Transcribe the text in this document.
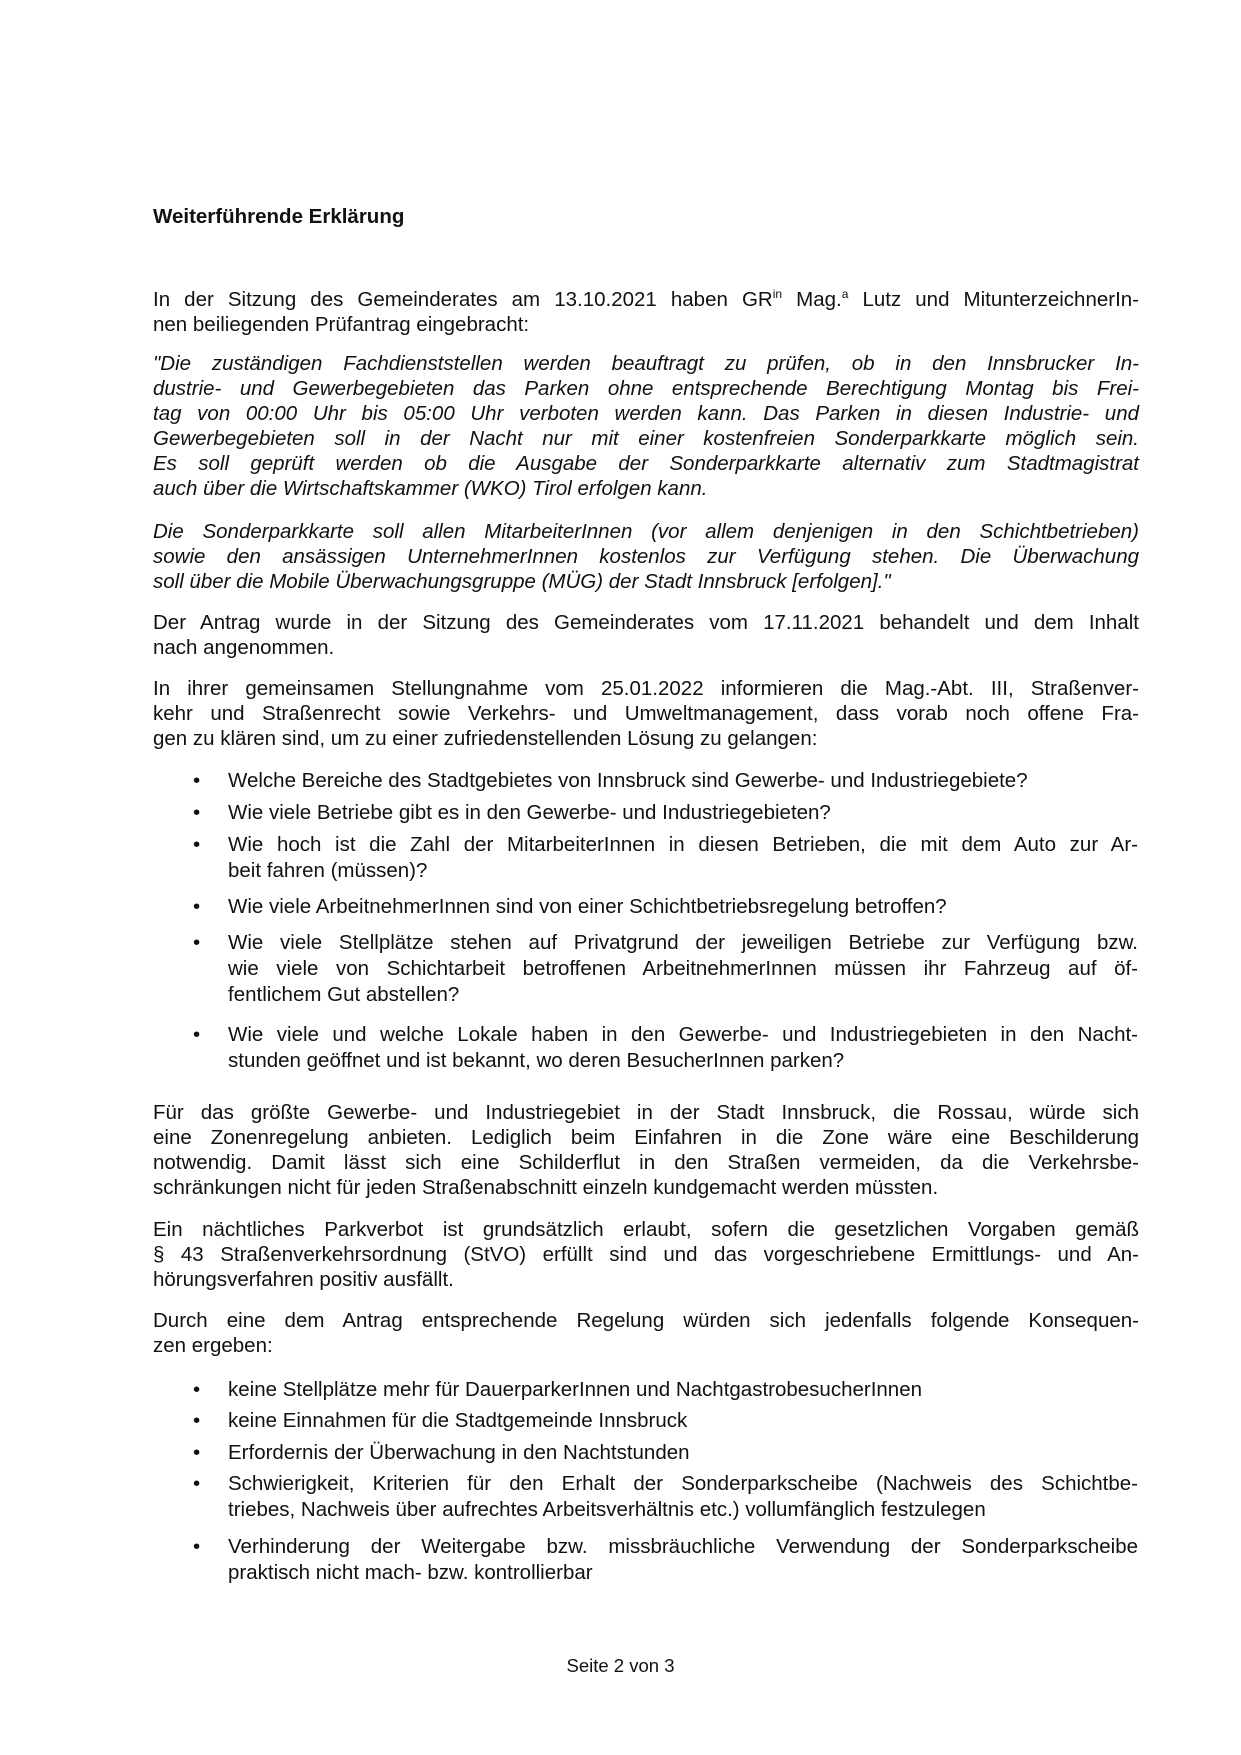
Weiterführende Erklärung
In der Sitzung des Gemeinderates am 13.10.2021 haben $GR^{in}$ Mag.$^a$ Lutz und MitunterzeichnerIn-
nen beiliegenden Prüfantrag eingebracht:
"Die zuständigen Fachdienststellen werden beauftragt zu prüfen, ob in den Innsbrucker In-
dustrie- und Gewerbegebieten das Parken ohne entsprechende Berechtigung Montag bis Frei-
tag von 00:00 Uhr bis 05:00 Uhr verboten werden kann. Das Parken in diesen Industrie- und
Gewerbegebieten soll in der Nacht nur mit einer kostenfreien Sonderparkkarte möglich sein.
Es soll geprüft werden ob die Ausgabe der Sonderparkkarte alternativ zum Stadtmagistrat
auch über die Wirtschaftskammer (WKO) Tirol erfolgen kann.
Die Sonderparkkarte soll allen MitarbeiterInnen (vor allem denjenigen in den Schichtbetrieben)
sowie den ansässigen UnternehmerInnen kostenlos zur Verfügung stehen. Die Überwachung
soll über die Mobile Überwachungsgruppe (MÜG) der Stadt Innsbruck [erfolgen]."
Der Antrag wurde in der Sitzung des Gemeinderates vom 17.11.2021 behandelt und dem Inhalt
nach angenommen.
In ihrer gemeinsamen Stellungnahme vom 25.01.2022 informieren die Mag.-Abt. III, Straßenver-
kehr und Straßenrecht sowie Verkehrs- und Umweltmanagement, dass vorab noch offene Fra-
gen zu klären sind, um zu einer zufriedenstellenden Lösung zu gelangen:
• Welche Bereiche des Stadtgebietes von Innsbruck sind Gewerbe- und Industriegebiete?
• Wie viele Betriebe gibt es in den Gewerbe- und Industriegebieten?
• Wie hoch ist die Zahl der MitarbeiterInnen in diesen Betrieben, die mit dem Auto zur Ar-
beit fahren (müssen)?
• Wie viele ArbeitnehmerInnen sind von einer Schichtbetriebsregelung betroffen?
• Wie viele Stellplätze stehen auf Privatgrund der jeweiligen Betriebe zur Verfügung bzw.
wie viele von Schichtarbeit betroffenen ArbeitnehmerInnen müssen ihr Fahrzeug auf öf-
fentlichem Gut abstellen?
• Wie viele und welche Lokale haben in den Gewerbe- und Industriegebieten in den Nacht-
stunden geöffnet und ist bekannt, wo deren BesucherInnen parken?
Für das größte Gewerbe- und Industriegebiet in der Stadt Innsbruck, die Rossau, würde sich
eine Zonenregelung anbieten. Lediglich beim Einfahren in die Zone wäre eine Beschilderung
notwendig. Damit lässt sich eine Schilderflut in den Straßen vermeiden, da die Verkehrsbe-
schränkungen nicht für jeden Straßenabschnitt einzeln kundgemacht werden müssten.
Ein nächtliches Parkverbot ist grundsätzlich erlaubt, sofern die gesetzlichen Vorgaben gemäß
§ 43 Straßenverkehrsordnung (StVO) erfüllt sind und das vorgeschriebene Ermittlungs- und An-
hörungsverfahren positiv ausfällt.
Durch eine dem Antrag entsprechende Regelung würden sich jedenfalls folgende Konsequen-
zen ergeben:
• keine Stellplätze mehr für DauerparkerInnen und NachtgastrobesucherInnen
• keine Einnahmen für die Stadtgemeinde Innsbruck
• Erfordernis der Überwachung in den Nachtstunden
• Schwierigkeit, Kriterien für den Erhalt der Sonderparkscheibe (Nachweis des Schichtbe-
triebes, Nachweis über aufrechtes Arbeitsverhältnis etc.) vollumfänglich festzulegen
• Verhinderung der Weitergabe bzw. missbräuchliche Verwendung der Sonderparkscheibe
praktisch nicht mach- bzw. kontrollierbar
Seite 2 von 3
